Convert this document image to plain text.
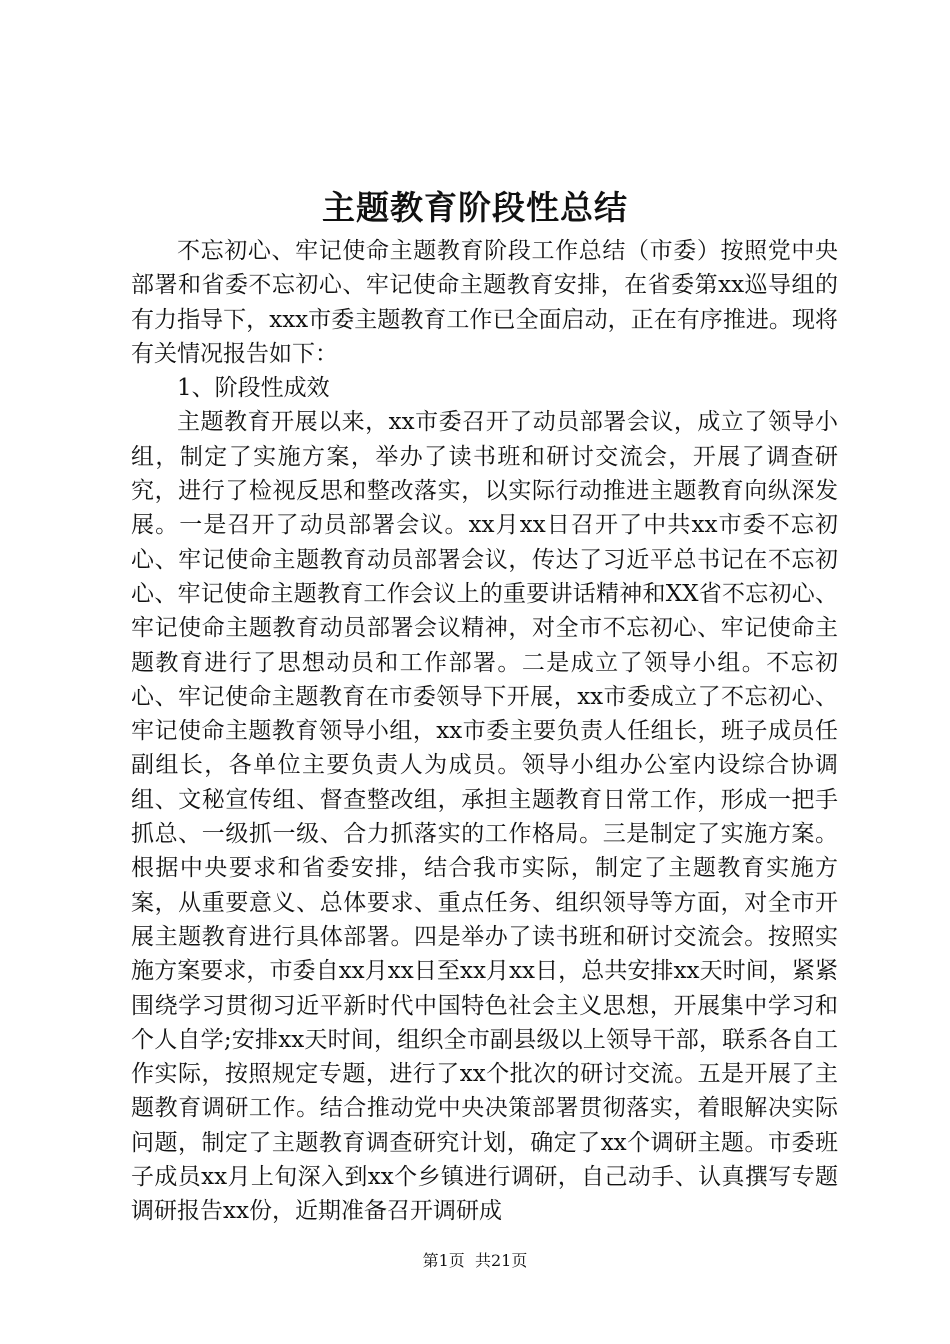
主题教育阶段性总结

不忘初心、牢记使命主题教育阶段工作总结（市委）按照党中央部署和省委不忘初心、牢记使命主题教育安排，在省委第xx巡导组的有力指导下，xxx市委主题教育工作已全面启动，正在有序推进。现将有关情况报告如下：

1、阶段性成效

主题教育开展以来，xx市委召开了动员部署会议，成立了领导小组，制定了实施方案，举办了读书班和研讨交流会，开展了调查研究，进行了检视反思和整改落实，以实际行动推进主题教育向纵深发展。一是召开了动员部署会议。xx月xx日召开了中共xx市委不忘初心、牢记使命主题教育动员部署会议，传达了习近平总书记在不忘初心、牢记使命主题教育工作会议上的重要讲话精神和XX省不忘初心、牢记使命主题教育动员部署会议精神，对全市不忘初心、牢记使命主题教育进行了思想动员和工作部署。二是成立了领导小组。不忘初心、牢记使命主题教育在市委领导下开展，xx市委成立了不忘初心、牢记使命主题教育领导小组，xx市委主要负责人任组长，班子成员任副组长，各单位主要负责人为成员。领导小组办公室内设综合协调组、文秘宣传组、督查整改组，承担主题教育日常工作，形成一把手抓总、一级抓一级、合力抓落实的工作格局。三是制定了实施方案。根据中央要求和省委安排，结合我市实际，制定了主题教育实施方案，从重要意义、总体要求、重点任务、组织领导等方面，对全市开展主题教育进行具体部署。四是举办了读书班和研讨交流会。按照实施方案要求，市委自xx月xx日至xx月xx日，总共安排xx天时间，紧紧围绕学习贯彻习近平新时代中国特色社会主义思想，开展集中学习和个人自学;安排xx天时间，组织全市副县级以上领导干部，联系各自工作实际，按照规定专题，进行了xx个批次的研讨交流。五是开展了主题教育调研工作。结合推动党中央决策部署贯彻落实，着眼解决实际问题，制定了主题教育调查研究计划，确定了xx个调研主题。市委班子成员xx月上旬深入到xx个乡镇进行调研，自己动手、认真撰写专题调研报告xx份，近期准备召开调研成

第1页 共21页
